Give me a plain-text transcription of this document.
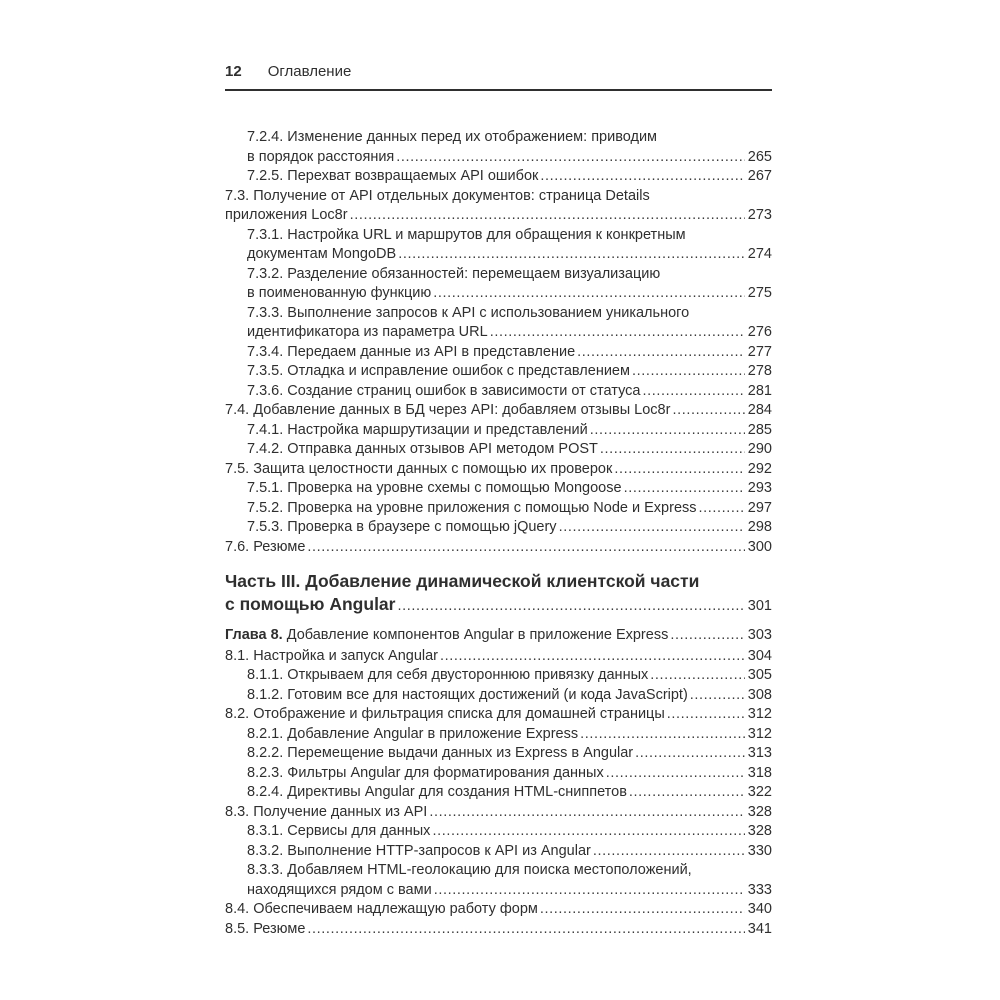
12 Оглавление
7.2.4. Изменение данных перед их отображением: приводим
в порядок расстояния .....	265
7.2.5. Перехват возвращаемых API ошибок .....	267
7.3. Получение от API отдельных документов: страница Details
приложения Loc8r .....	273
7.3.1. Настройка URL и маршрутов для обращения к конкретным
документам MongoDB .....	274
7.3.2. Разделение обязанностей: перемещаем визуализацию
в поименованную функцию .....	275
7.3.3. Выполнение запросов к API с использованием уникального
идентификатора из параметра URL .....	276
7.3.4. Передаем данные из API в представление .....	277
7.3.5. Отладка и исправление ошибок с представлением .....	278
7.3.6. Создание страниц ошибок в зависимости от статуса .....	281
7.4. Добавление данных в БД через API: добавляем отзывы Loc8r .....	284
7.4.1. Настройка маршрутизации и представлений .....	285
7.4.2. Отправка данных отзывов API методом POST .....	290
7.5. Защита целостности данных с помощью их проверок .....	292
7.5.1. Проверка на уровне схемы с помощью Mongoose .....	293
7.5.2. Проверка на уровне приложения с помощью Node и Express .....	297
7.5.3. Проверка в браузере с помощью jQuery .....	298
7.6. Резюме .....	300
Часть III. Добавление динамической клиентской части
с помощью Angular .....	301
Глава 8. Добавление компонентов Angular в приложение Express .....	303
8.1. Настройка и запуск Angular .....	304
8.1.1. Открываем для себя двустороннюю привязку данных .....	305
8.1.2. Готовим все для настоящих достижений (и кода JavaScript) .....	308
8.2. Отображение и фильтрация списка для домашней страницы .....	312
8.2.1. Добавление Angular в приложение Express .....	312
8.2.2. Перемещение выдачи данных из Express в Angular .....	313
8.2.3. Фильтры Angular для форматирования данных .....	318
8.2.4. Директивы Angular для создания HTML-сниппетов .....	322
8.3. Получение данных из API .....	328
8.3.1. Сервисы для данных .....	328
8.3.2. Выполнение HTTP-запросов к API из Angular .....	330
8.3.3. Добавляем HTML-геолокацию для поиска местоположений,
находящихся рядом с вами .....	333
8.4. Обеспечиваем надлежащую работу форм .....	340
8.5. Резюме .....	341
